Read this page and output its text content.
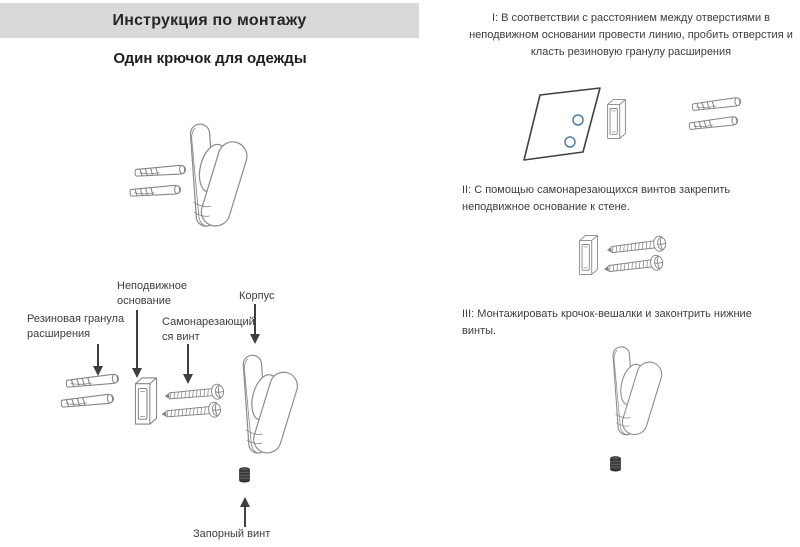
Инструкция по монтажу
Один крючок для одежды
Неподвижное
основание	Корпус
Резиновая гранула
расширения
Самонарезающий
ся винт
Запорный винт
I: В соответствии с расстоянием между отверстиями в неподвижном основании провести линию, пробить отверстия и класть резиновую гранулу расширения
II: С помощью самонарезающихся винтов закрепить неподвижное основание к стене.
III: Монтажировать крочок-вешалки и законтрить нижние винты.
